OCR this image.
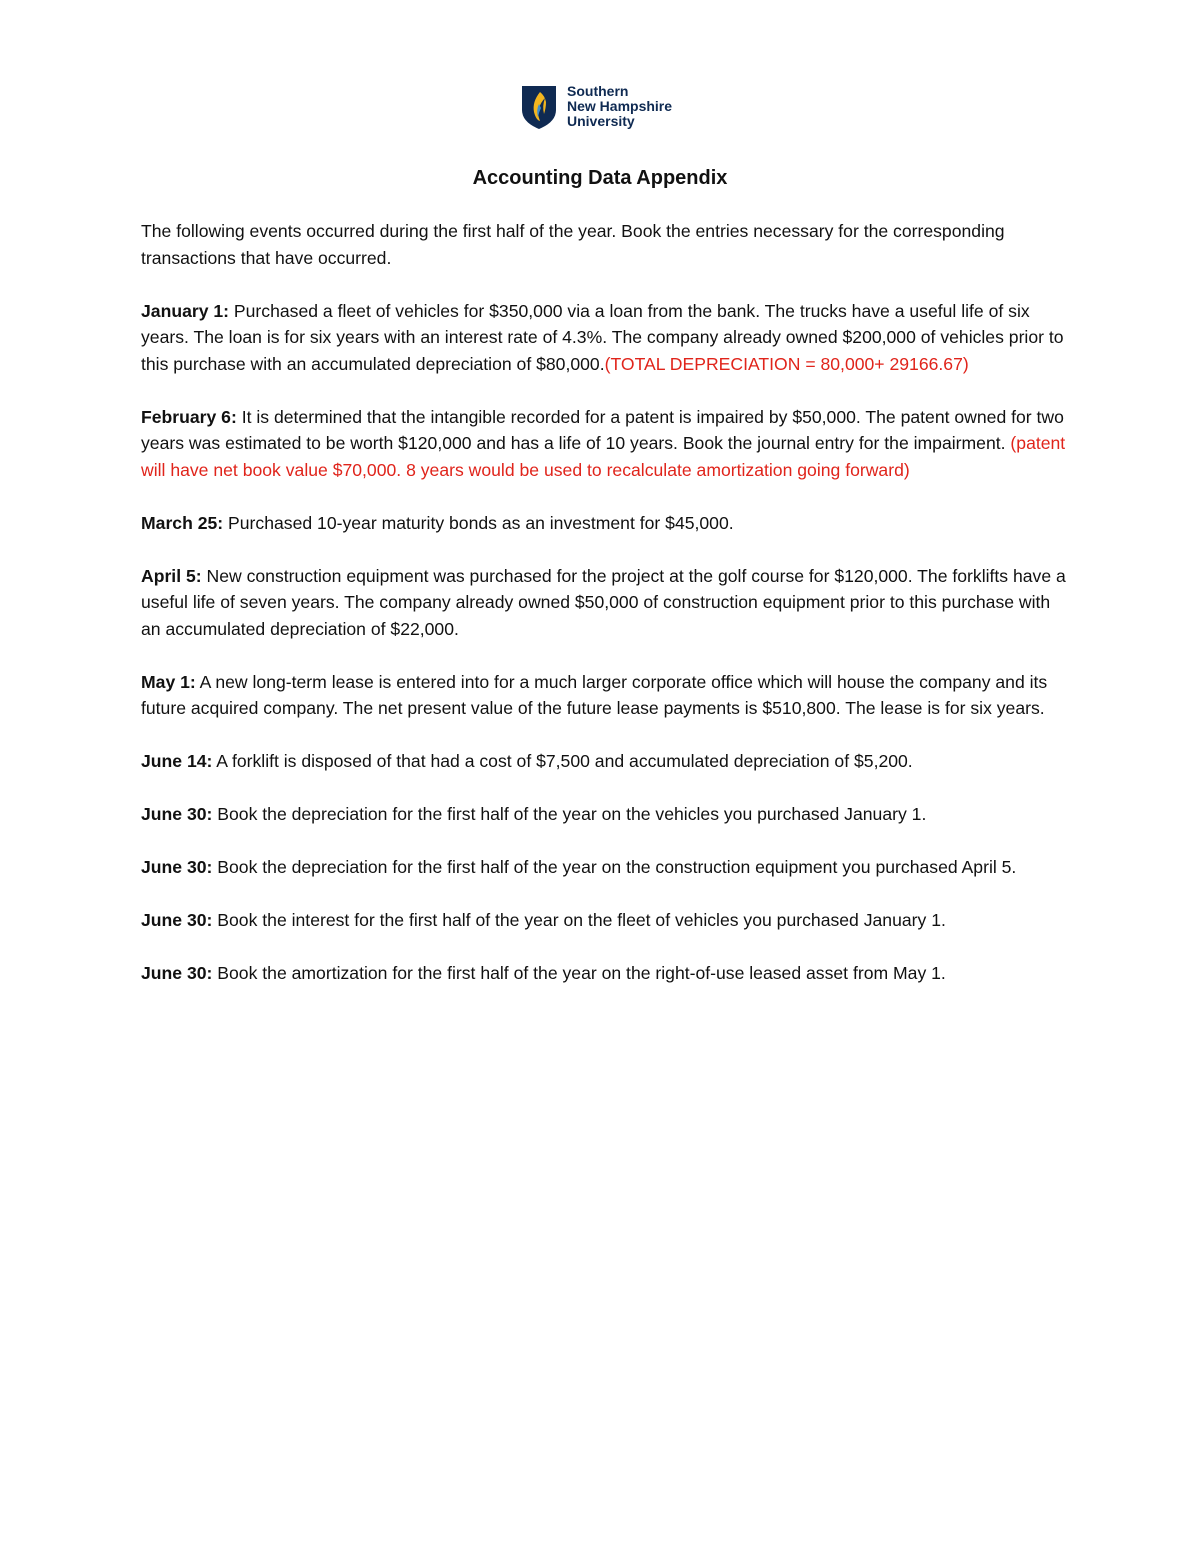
Southern
New Hampshire
University
Accounting Data Appendix

The following events occurred during the first half of the year. Book the entries necessary for the corresponding transactions that have occurred.

January 1: Purchased a fleet of vehicles for $350,000 via a loan from the bank. The trucks have a useful life of six years. The loan is for six years with an interest rate of 4.3%. The company already owned $200,000 of vehicles prior to this purchase with an accumulated depreciation of $80,000.(TOTAL DEPRECIATION = 80,000+ 29166.67)

February 6: It is determined that the intangible recorded for a patent is impaired by $50,000. The patent owned for two years was estimated to be worth $120,000 and has a life of 10 years. Book the journal entry for the impairment. (patent will have net book value $70,000. 8 years would be used to recalculate amortization going forward)

March 25: Purchased 10-year maturity bonds as an investment for $45,000.

April 5: New construction equipment was purchased for the project at the golf course for $120,000. The forklifts have a useful life of seven years. The company already owned $50,000 of construction equipment prior to this purchase with an accumulated depreciation of $22,000.

May 1: A new long-term lease is entered into for a much larger corporate office which will house the company and its future acquired company. The net present value of the future lease payments is $510,800. The lease is for six years.

June 14: A forklift is disposed of that had a cost of $7,500 and accumulated depreciation of $5,200.

June 30: Book the depreciation for the first half of the year on the vehicles you purchased January 1.

June 30: Book the depreciation for the first half of the year on the construction equipment you purchased April 5.

June 30: Book the interest for the first half of the year on the fleet of vehicles you purchased January 1.

June 30: Book the amortization for the first half of the year on the right-of-use leased asset from May 1.
